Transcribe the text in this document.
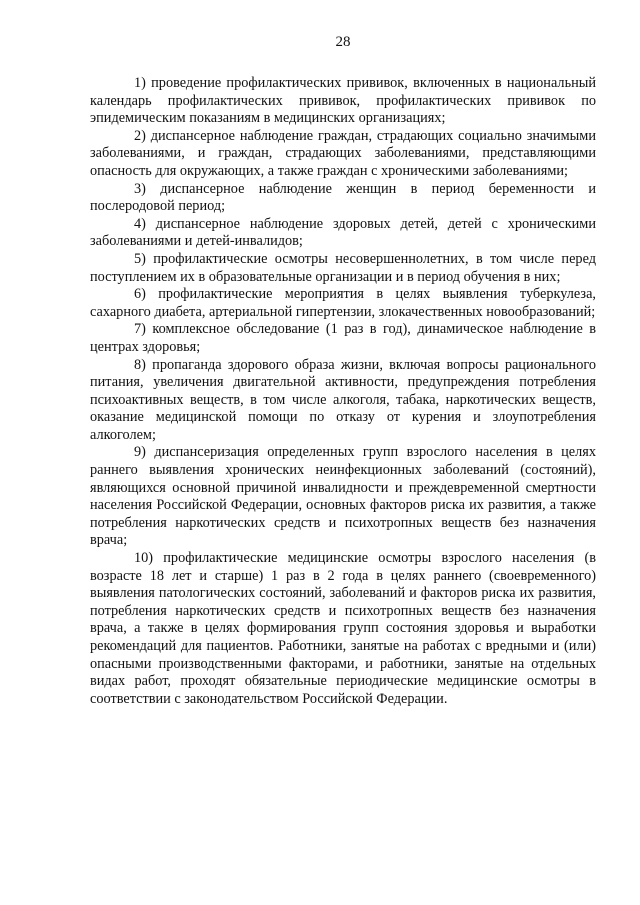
28

1) проведение профилактических прививок, включенных в национальный календарь профилактических прививок, профилактических прививок по эпидемическим показаниям в медицинских организациях;

2) диспансерное наблюдение граждан, страдающих социально значимыми заболеваниями, и граждан, страдающих заболеваниями, представляющими опасность для окружающих, а также граждан с хроническими заболеваниями;

3) диспансерное наблюдение женщин в период беременности и послеродовой период;

4) диспансерное наблюдение здоровых детей, детей с хроническими заболеваниями и детей-инвалидов;

5) профилактические осмотры несовершеннолетних, в том числе перед поступлением их в образовательные организации и в период обучения в них;

6) профилактические мероприятия в целях выявления туберкулеза, сахарного диабета, артериальной гипертензии, злокачественных новообразований;

7) комплексное обследование (1 раз в год), динамическое наблюдение в центрах здоровья;

8) пропаганда здорового образа жизни, включая вопросы рационального питания, увеличения двигательной активности, предупреждения потребления психоактивных веществ, в том числе алкоголя, табака, наркотических веществ, оказание медицинской помощи по отказу от курения и злоупотребления алкоголем;

9) диспансеризация определенных групп взрослого населения в целях раннего выявления хронических неинфекционных заболеваний (состояний), являющихся основной причиной инвалидности и преждевременной смертности населения Российской Федерации, основных факторов риска их развития, а также потребления наркотических средств и психотропных веществ без назначения врача;

10) профилактические медицинские осмотры взрослого населения (в возрасте 18 лет и старше) 1 раз в 2 года в целях раннего (своевременного) выявления патологических состояний, заболеваний и факторов риска их развития, потребления наркотических средств и психотропных веществ без назначения врача, а также в целях формирования групп состояния здоровья и выработки рекомендаций для пациентов. Работники, занятые на работах с вредными и (или) опасными производственными факторами, и работники, занятые на отдельных видах работ, проходят обязательные периодические медицинские осмотры в соответствии с законодательством Российской Федерации.
